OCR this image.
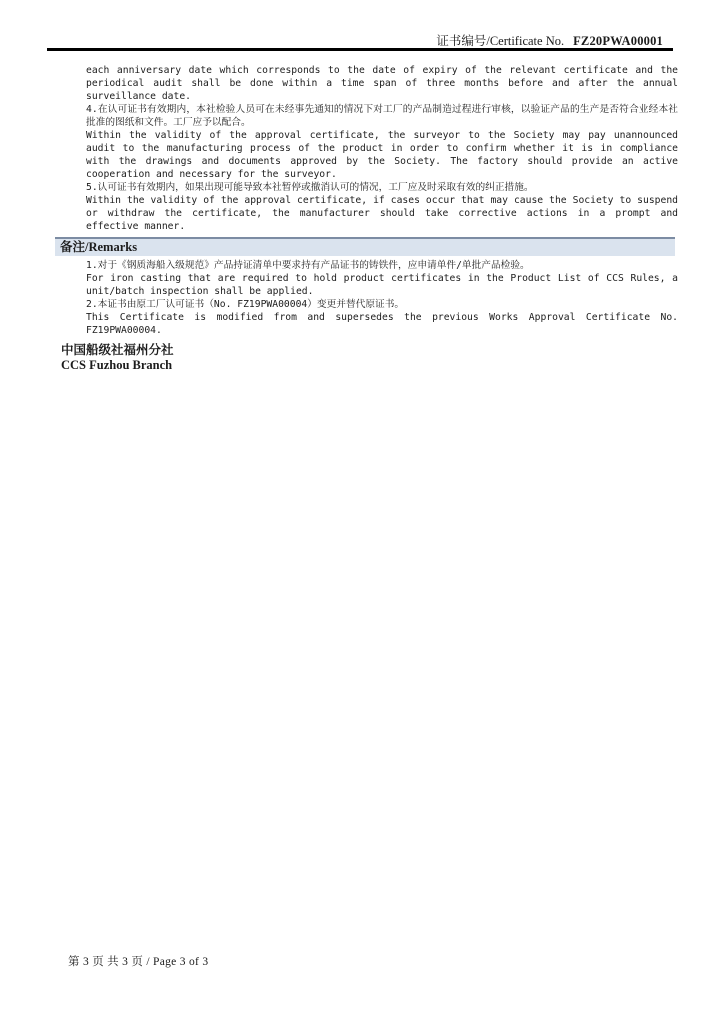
证书编号/Certificate No. FZ20PWA00001

each anniversary date which corresponds to the date of expiry of the relevant certificate and the periodical audit shall be done within a time span of three months before and after the annual surveillance date.

4.在认可证书有效期内，本社检验人员可在未经事先通知的情况下对工厂的产品制造过程进行审核，以验证产品的生产是否符合业经本社批准的图纸和文件。工厂应予以配合。

Within the validity of the approval certificate, the surveyor to the Society may pay unannounced audit to the manufacturing process of the product in order to confirm whether it is in compliance with the drawings and documents approved by the Society. The factory should provide an active cooperation and necessary for the surveyor.

5.认可证书有效期内，如果出现可能导致本社暂停或撤消认可的情况，工厂应及时采取有效的纠正措施。

Within the validity of the approval certificate, if cases occur that may cause the Society to suspend or withdraw the certificate, the manufacturer should take corrective actions in a prompt and effective manner.

备注/Remarks

1.对于《钢质海船入级规范》产品持证清单中要求持有产品证书的铸铁件，应申请单件/单批产品检验。

For iron casting that are required to hold product certificates in the Product List of CCS Rules, a unit/batch inspection shall be applied.

2.本证书由原工厂认可证书（No. FZ19PWA00004）变更并替代原证书。

This Certificate is modified from and supersedes the previous Works Approval Certificate No. FZ19PWA00004.

中国船级社福州分社
CCS Fuzhou Branch
第 3 页 共 3 页 / Page 3 of 3
